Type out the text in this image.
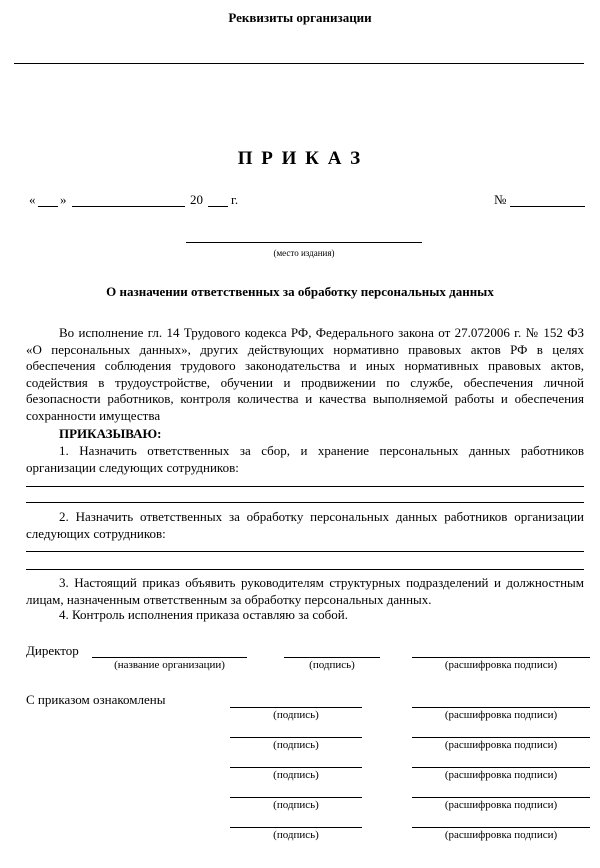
Реквизиты организации
П Р И К А З
« »	20 г.	№
(место издания)
О назначении ответственных за обработку персональных данных
Во исполнение гл. 14 Трудового кодекса РФ, Федерального закона от 27.072006 г. № 152 ФЗ «О персональных данных», других действующих нормативно правовых актов РФ в целях обеспечения соблюдения трудового законодательства и иных нормативных правовых актов, содействия в трудоустройстве, обучении и продвижении по службе, обеспечения личной безопасности работников, контроля количества и качества выполняемой работы и обеспечения сохранности имущества
ПРИКАЗЫВАЮ:
1. Назначить ответственных за сбор, и хранение персональных данных работников организации следующих сотрудников:
2. Назначить ответственных за обработку персональных данных работников организации следующих сотрудников:
3. Настоящий приказ объявить руководителям структурных подразделений и должностным лицам, назначенным ответственным за обработку персональных данных.
4. Контроль исполнения приказа оставляю за собой.
Директор
(название организации)	(подпись)	(расшифровка подписи)
С приказом ознакомлены
(подпись)	(расшифровка подписи)
(подпись)	(расшифровка подписи)
(подпись)	(расшифровка подписи)
(подпись)	(расшифровка подписи)
(подпись)	(расшифровка подписи)
